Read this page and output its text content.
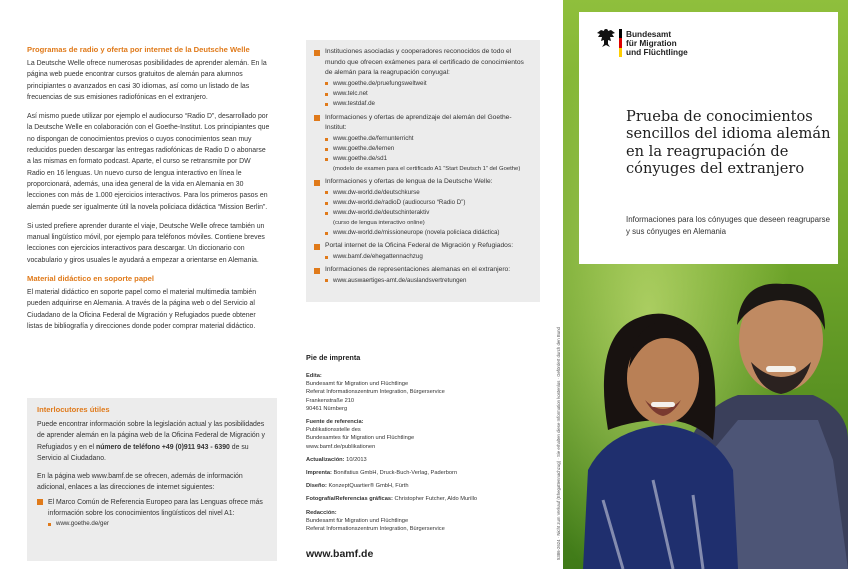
Programas de radio y oferta por internet de la Deutsche Welle
La Deutsche Welle ofrece numerosas posibilidades de aprender alemán. En la página web puede encontrar cursos gratuitos de alemán para alumnos principiantes o avanzados en casi 30 idiomas, así como un listado de las frecuencias de sus emisiones radiofónicas en el extranjero.
Así mismo puede utilizar por ejemplo el audiocurso “Radio D”, desarrollado por la Deutsche Welle en colaboración con el Goethe-Institut. Los principiantes que no dispongan de conocimientos previos o cuyos conocimientos sean muy reducidos pueden descargar las entregas radiofónicas de Radio D o abonarse a las mismas en formato podcast. Aparte, el curso se retransmite por DW Radio en 16 lenguas. Un nuevo curso de lengua interactivo en línea le proporcionará, además, una idea general de la vida en Alemania en 30 lecciones con más de 1.000 ejercicios interactivos. Para los primeros pasos en alemán puede ser igualmente útil la novela policiaca didáctica “Mission Berlin”.
Si usted prefiere aprender durante el viaje, Deutsche Welle ofrece también un manual lingüístico móvil, por ejemplo para teléfonos móviles. Contiene breves lecciones con ejercicios interactivos para descargar. Un diccionario con vocabulario y giros usuales le ayudará a empezar a orientarse en Alemania.
Material didáctico en soporte papel
El material didáctico en soporte papel como el material multimedia también pueden adquirirse en Alemania. A través de la página web o del Servicio al Ciudadano de la Oficina Federal de Migración y Refugiados puede obtener listas de bibliografía y direcciones donde poder comprar material didáctico.
Interlocutores útiles
Puede encontrar información sobre la legislación actual y las posibilidades de aprender alemán en la página web de la Oficina Federal de Migración y Refugiados y en el número de teléfono +49 (0)911 943 - 6390 de su Servicio al Ciudadano.
En la página web www.bamf.de se ofrecen, además de información adicional, enlaces a las direcciones de internet siguientes:
El Marco Común de Referencia Europeo para las Lenguas ofrece más información sobre los conocimientos lingüísticos del nivel A1:
www.goethe.de/ger
Instituciones asociadas y cooperadores reconocidos de todo el mundo que ofrecen exámenes para el certificado de conocimientos de alemán para la reagrupación conyugal:
www.goethe.de/pruefungsweltweit
www.telc.net
www.testdaf.de
Informaciones y ofertas de aprendizaje del alemán del Goethe-Institut:
www.goethe.de/fernunterricht
www.goethe.de/lernen
www.goethe.de/sd1
(modelo de examen para el certificado A1 “Start Deutsch 1” del Goethe)
Informaciones y ofertas de lengua de la Deutsche Welle:
www.dw-world.de/deutschkurse
www.dw-world.de/radioD (audiocurso “Radio D”)
www.dw-world.de/deutschinteraktiv
(curso de lengua interactivo online)
www.dw-world.de/missioneurope (novela policíaca didáctica)
Portal internet de la Oficina Federal de Migración y Refugiados:
www.bamf.de/ehegattennachzug
Informaciones de representaciones alemanas en el extranjero:
www.auswaertiges-amt.de/auslandsvertretungen
Pie de imprenta
Edita:
Bundesamt für Migration und Flüchtlinge
Referat Informationszentrum Integration, Bürgerservice
Frankenstraße 210
90461 Nürnberg
Fuente de referencia:
Publikationsstelle des
Bundesamtes für Migration und Flüchtlinge
www.bamf.de/publikationen
Actualización: 10/2013
Imprenta: Bonifatius GmbH, Druck-Buch-Verlag, Paderborn
Diseño: KonzeptQuartier® GmbH, Fürth
Fotografía/Referencias gráficas: Christopher Futcher, Aldo Murillo
Redacción:
Bundesamt für Migration und Flüchtlinge
Referat Informationszentrum Integration, Bürgerservice
www.bamf.de	5386-2624 · Nicht zum Verkauf (Ehegattennachzug) · Sie erhalten diese Information kostenlos · Gefördert durch den Bund
Bundesamt
für Migration
und Flüchtlinge
Prueba de conocimientos sencillos del idioma alemán en la reagrupación de cónyuges del extranjero
Informaciones para los cónyuges que deseen reagruparse y sus cónyuges en Alemania
